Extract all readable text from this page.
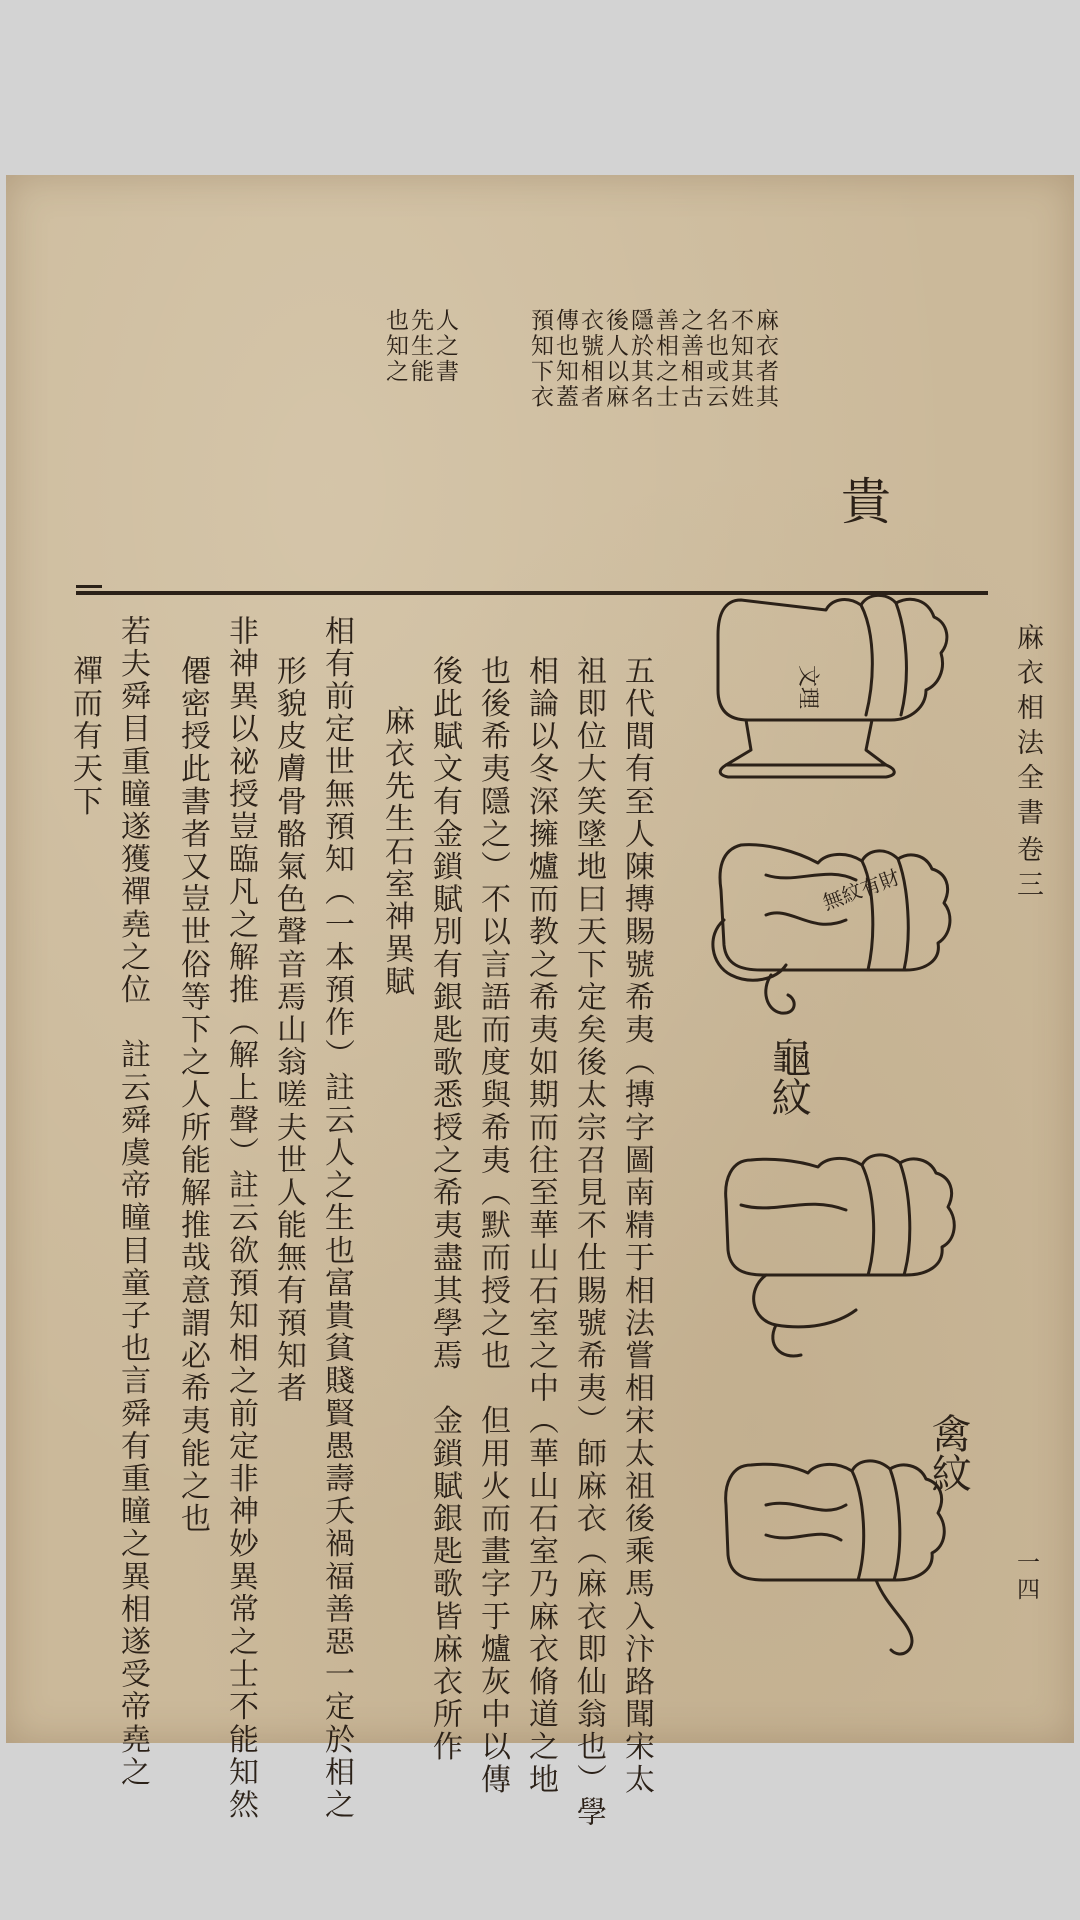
麻衣相法全書
卷三
一四
麻衣者其
不知其姓
名也或云
之善相古
善相之士
隱於其名
後人以麻
衣號相者
傳也知蓋
預知下衣
人之書
先生能
也知之
五代間有至人陳摶賜號希夷（摶字圖南精于相法嘗相宋太祖後乘馬入汴路聞宋太
祖即位大笑墜地曰天下定矣後太宗召見不仕賜號希夷）師麻衣（麻衣即仙翁也）學
相論以冬深擁爐而教之希夷如期而往至華山石室之中（華山石室乃麻衣脩道之地
也後希夷隱之）不以言語而度與希夷（默而授之也　但用火而畫字于爐灰中以傳
後此賦文有金鎖賦別有銀匙歌悉授之希夷盡其學焉　金鎖賦銀匙歌皆麻衣所作
麻衣先生石室神異賦
相有前定世無預知（一本預作）註云人之生也富貴貧賤賢愚壽夭禍福善惡一定於相之
形貌皮膚骨骼氣色聲音焉山翁嗟夫世人能無有預知者
非神異以祕授豈臨凡之解推（解上聲）註云欲預知相之前定非神妙異常之士不能知然
僊密授此書者又豈世俗等下之人所能解推哉意謂必希夷能之也
若夫舜目重瞳遂獲禪堯之位　註云舜虞帝瞳目童子也言舜有重瞳之異相遂受帝堯之
禪而有天下	文理
無紋有財
貴
龜紋
禽紋
